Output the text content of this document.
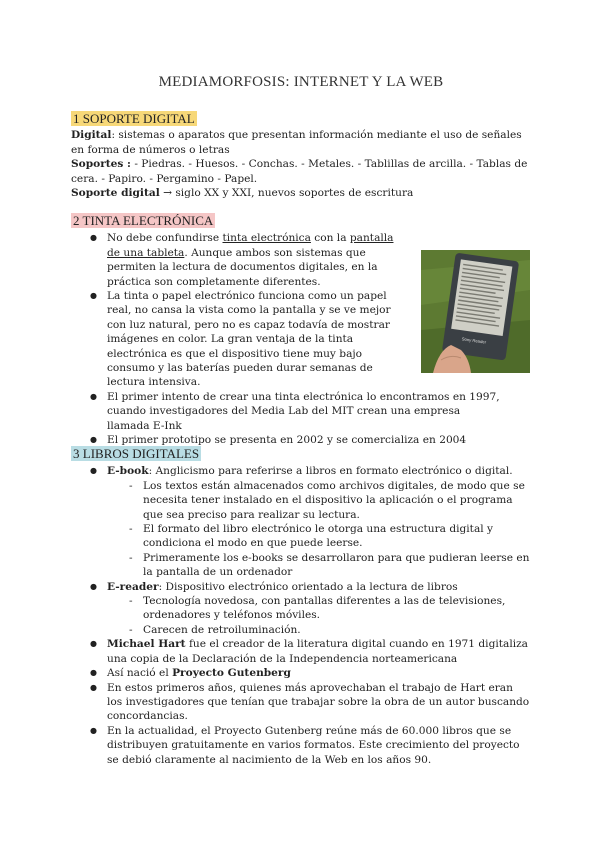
MEDIAMORFOSIS: INTERNET Y LA WEB
1 SOPORTE DIGITAL

Digital: sistemas o aparatos que presentan información mediante el uso de señales en forma de números o letras

Soportes : - Piedras. - Huesos. - Conchas. - Metales. - Tablillas de arcilla. - Tablas de cera. - Papiro. - Pergamino - Papel.

Soporte digital → siglo XX y XXI, nuevos soportes de escritura

2 TINTA ELECTRÓNICA
● No debe confundirse tinta electrónica con la pantalla de una tableta. Aunque ambos son sistemas que permiten la lectura de documentos digitales, en la práctica son completamente diferentes.
● La tinta o papel electrónico funciona como un papel real, no cansa la vista como la pantalla y se ve mejor con luz natural, pero no es capaz todavía de mostrar imágenes en color. La gran ventaja de la tinta electrónica es que el dispositivo tiene muy bajo consumo y las baterías pueden durar semanas de lectura intensiva.
● El primer intento de crear una tinta electrónica lo encontramos en 1997, cuando investigadores del Media Lab del MIT crean una empresa llamada E-Ink
● El primer prototipo se presenta en 2002 y se comercializa en 2004
3 LIBROS DIGITALES
● E-book: Anglicismo para referirse a libros en formato electrónico o digital.
- Los textos están almacenados como archivos digitales, de modo que se necesita tener instalado en el dispositivo la aplicación o el programa que sea preciso para realizar su lectura.
- El formato del libro electrónico le otorga una estructura digital y condiciona el modo en que puede leerse.
- Primeramente los e-books se desarrollaron para que pudieran leerse en la pantalla de un ordenador
● E-reader: Dispositivo electrónico orientado a la lectura de libros
- Tecnología novedosa, con pantallas diferentes a las de televisiones, ordenadores y teléfonos móviles.
- Carecen de retroiluminación.
● Michael Hart fue el creador de la literatura digital cuando en 1971 digitaliza una copia de la Declaración de la Independencia norteamericana
● Así nació el Proyecto Gutenberg
● En estos primeros años, quienes más aprovechaban el trabajo de Hart eran los investigadores que tenían que trabajar sobre la obra de un autor buscando concordancias.
● En la actualidad, el Proyecto Gutenberg reúne más de 60.000 libros que se distribuyen gratuitamente en varios formatos. Este crecimiento del proyecto se debió claramente al nacimiento de la Web en los años 90.
Sony Reader
